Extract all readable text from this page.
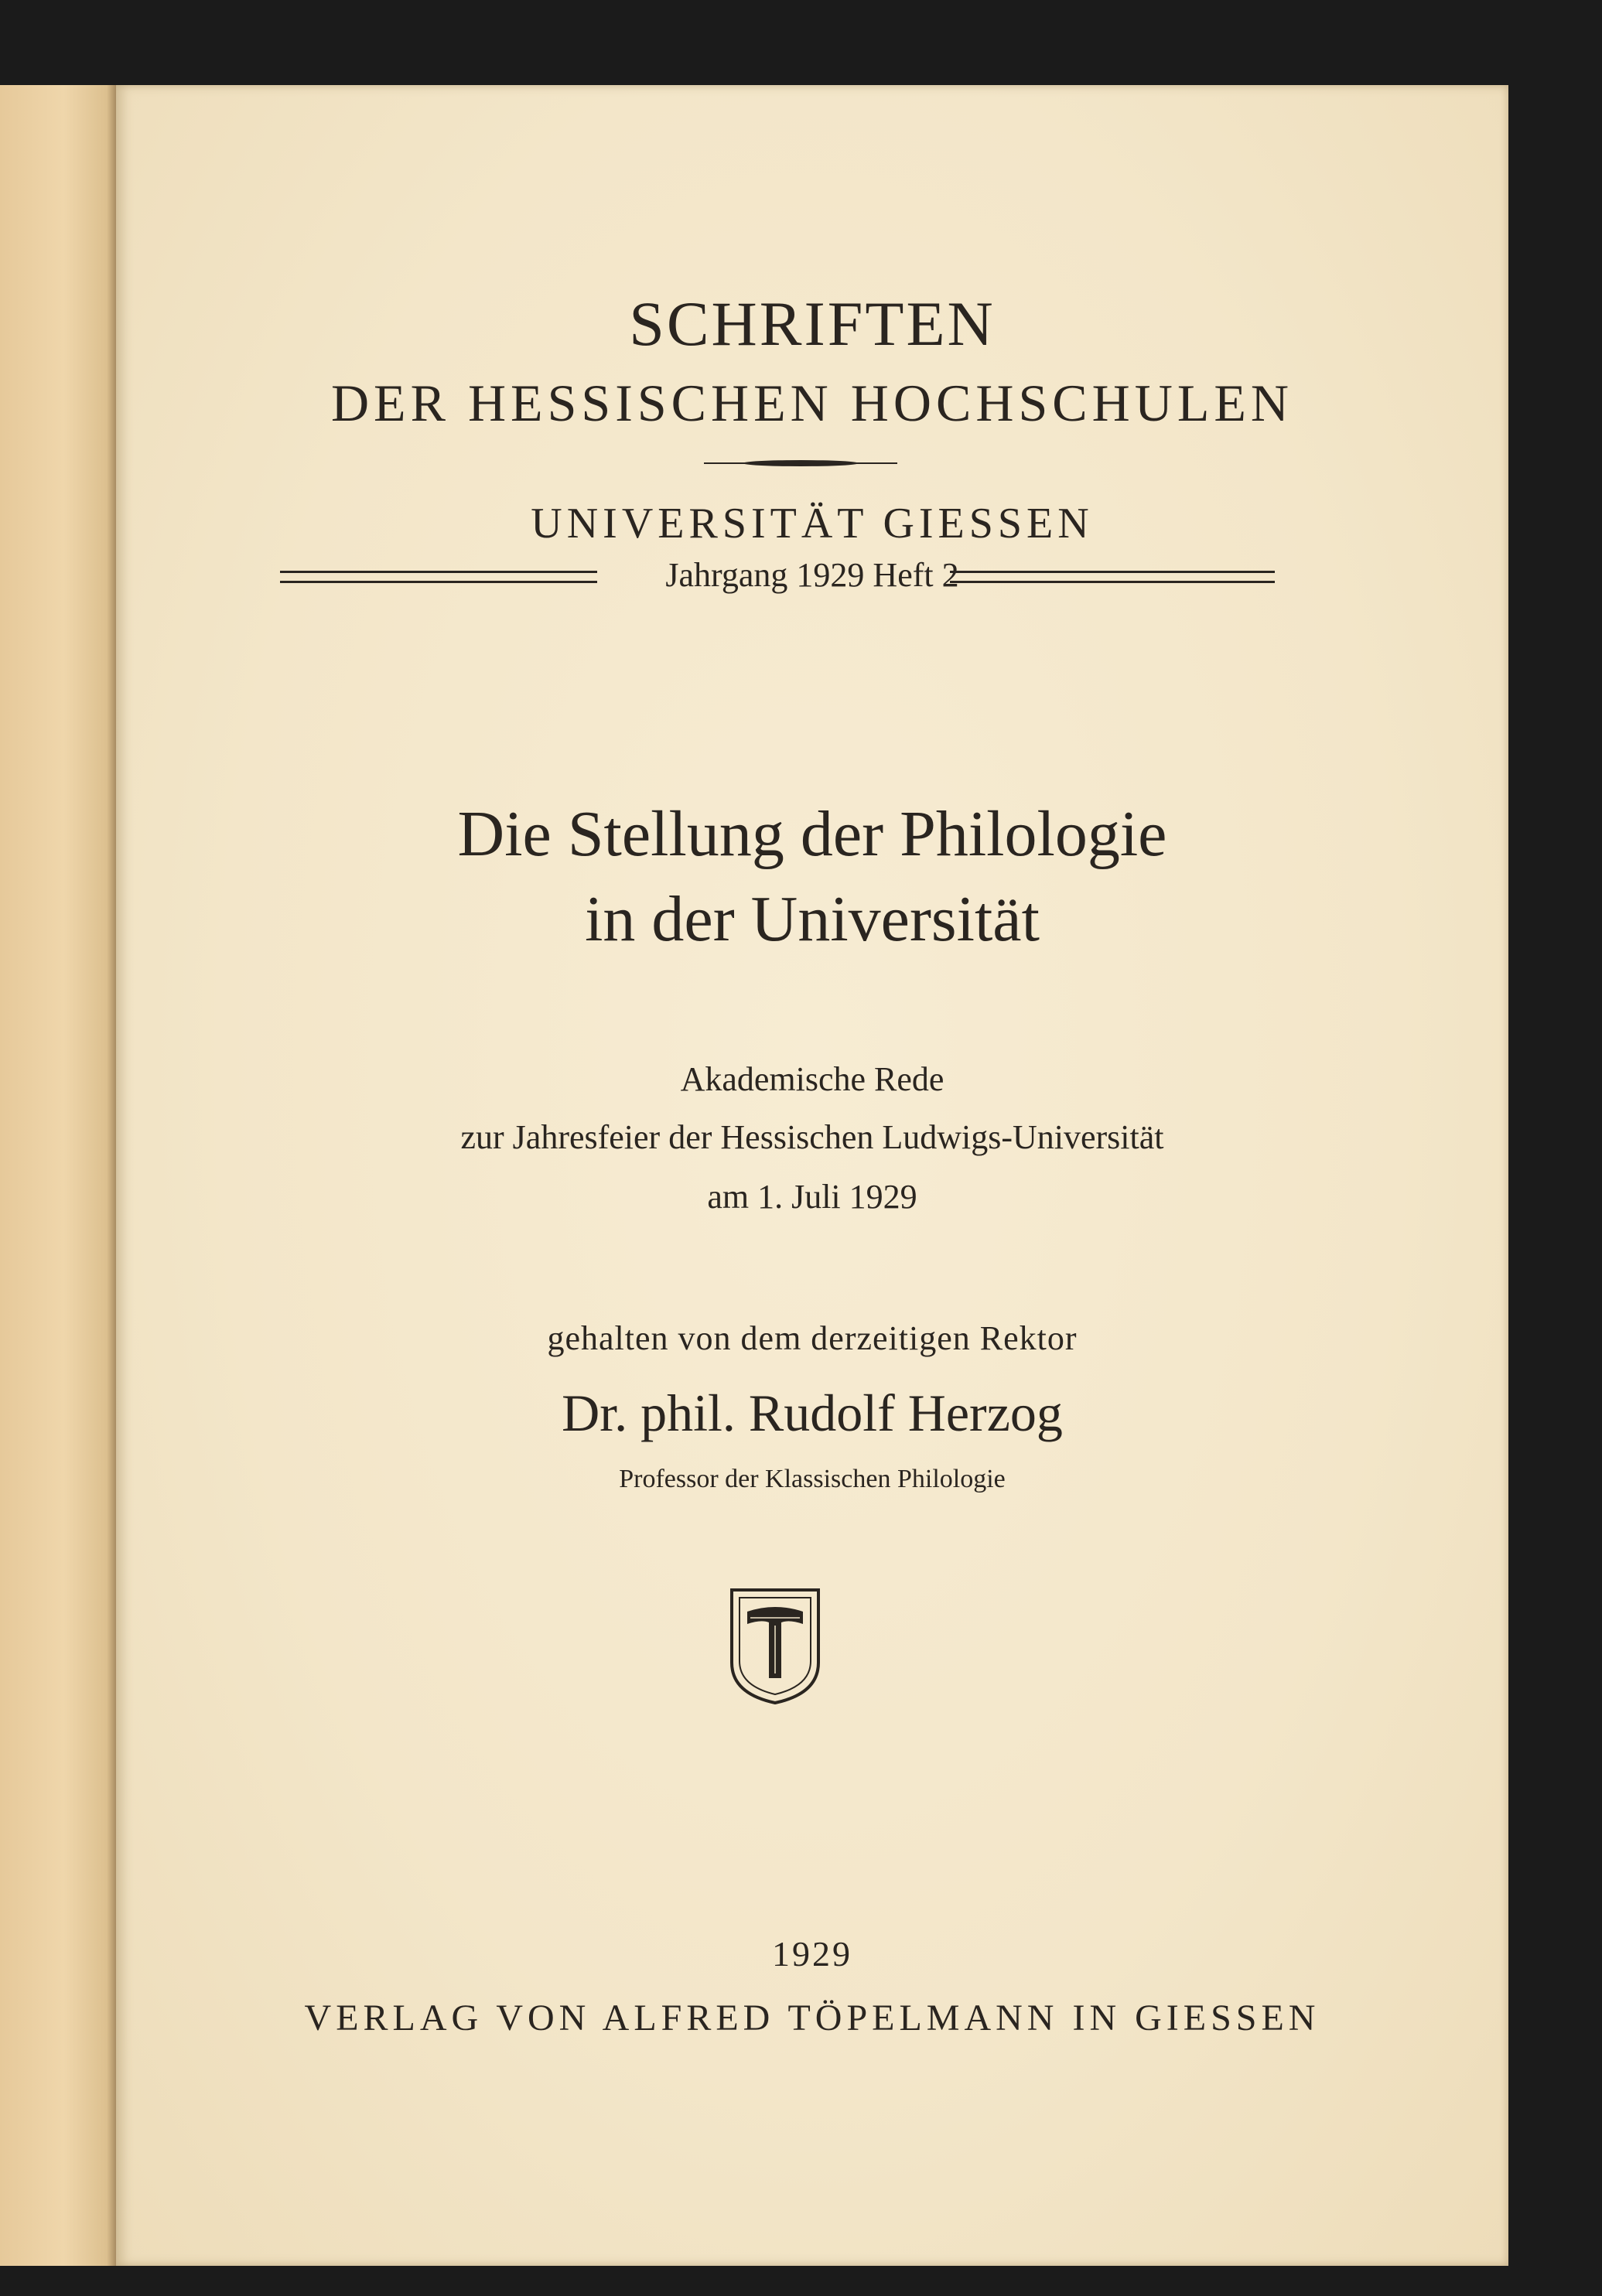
SCHRIFTEN
DER HESSISCHEN HOCHSCHULEN
UNIVERSITÄT GIESSEN
Jahrgang 1929 Heft 2
Die Stellung der Philologie
in der Universität
Akademische Rede
zur Jahresfeier der Hessischen Ludwigs-Universität
am 1. Juli 1929
gehalten von dem derzeitigen Rektor
Dr. phil. Rudolf Herzog
Professor der Klassischen Philologie
1929
VERLAG VON ALFRED TÖPELMANN IN GIESSEN
